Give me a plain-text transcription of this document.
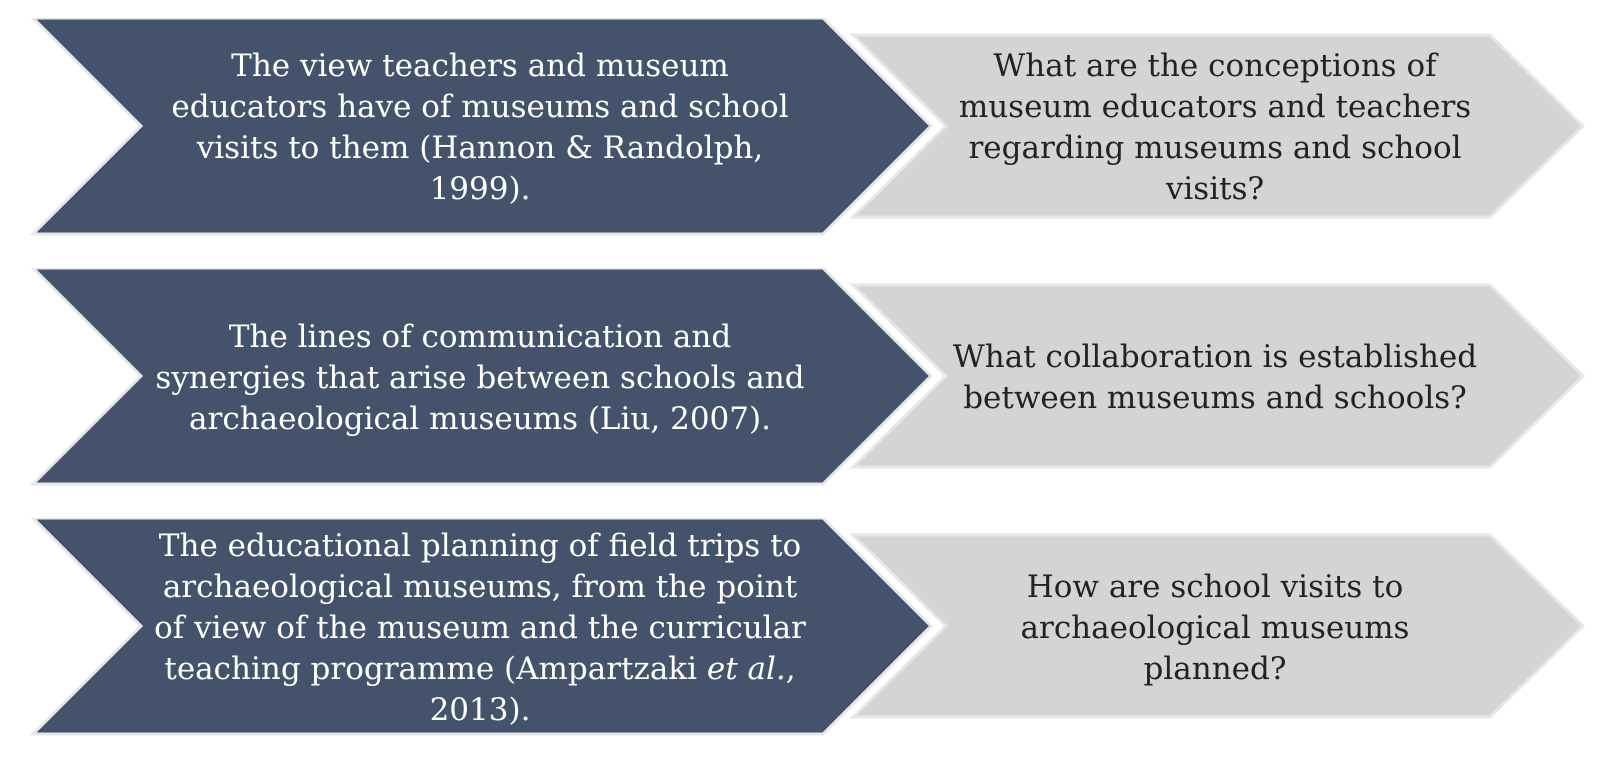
The view teachers and museum educators have of museums and school visits to them (Hannon & Randolph, 1999).
What are the conceptions of museum educators and teachers regarding museums and school visits?
The lines of communication and synergies that arise between schools and archaeological museums (Liu, 2007).
What collaboration is established between museums and schools?
The educational planning of field trips to archaeological museums, from the point of view of the museum and the curricular teaching programme (Ampartzaki et al., 2013).
How are school visits to archaeological museums planned?
